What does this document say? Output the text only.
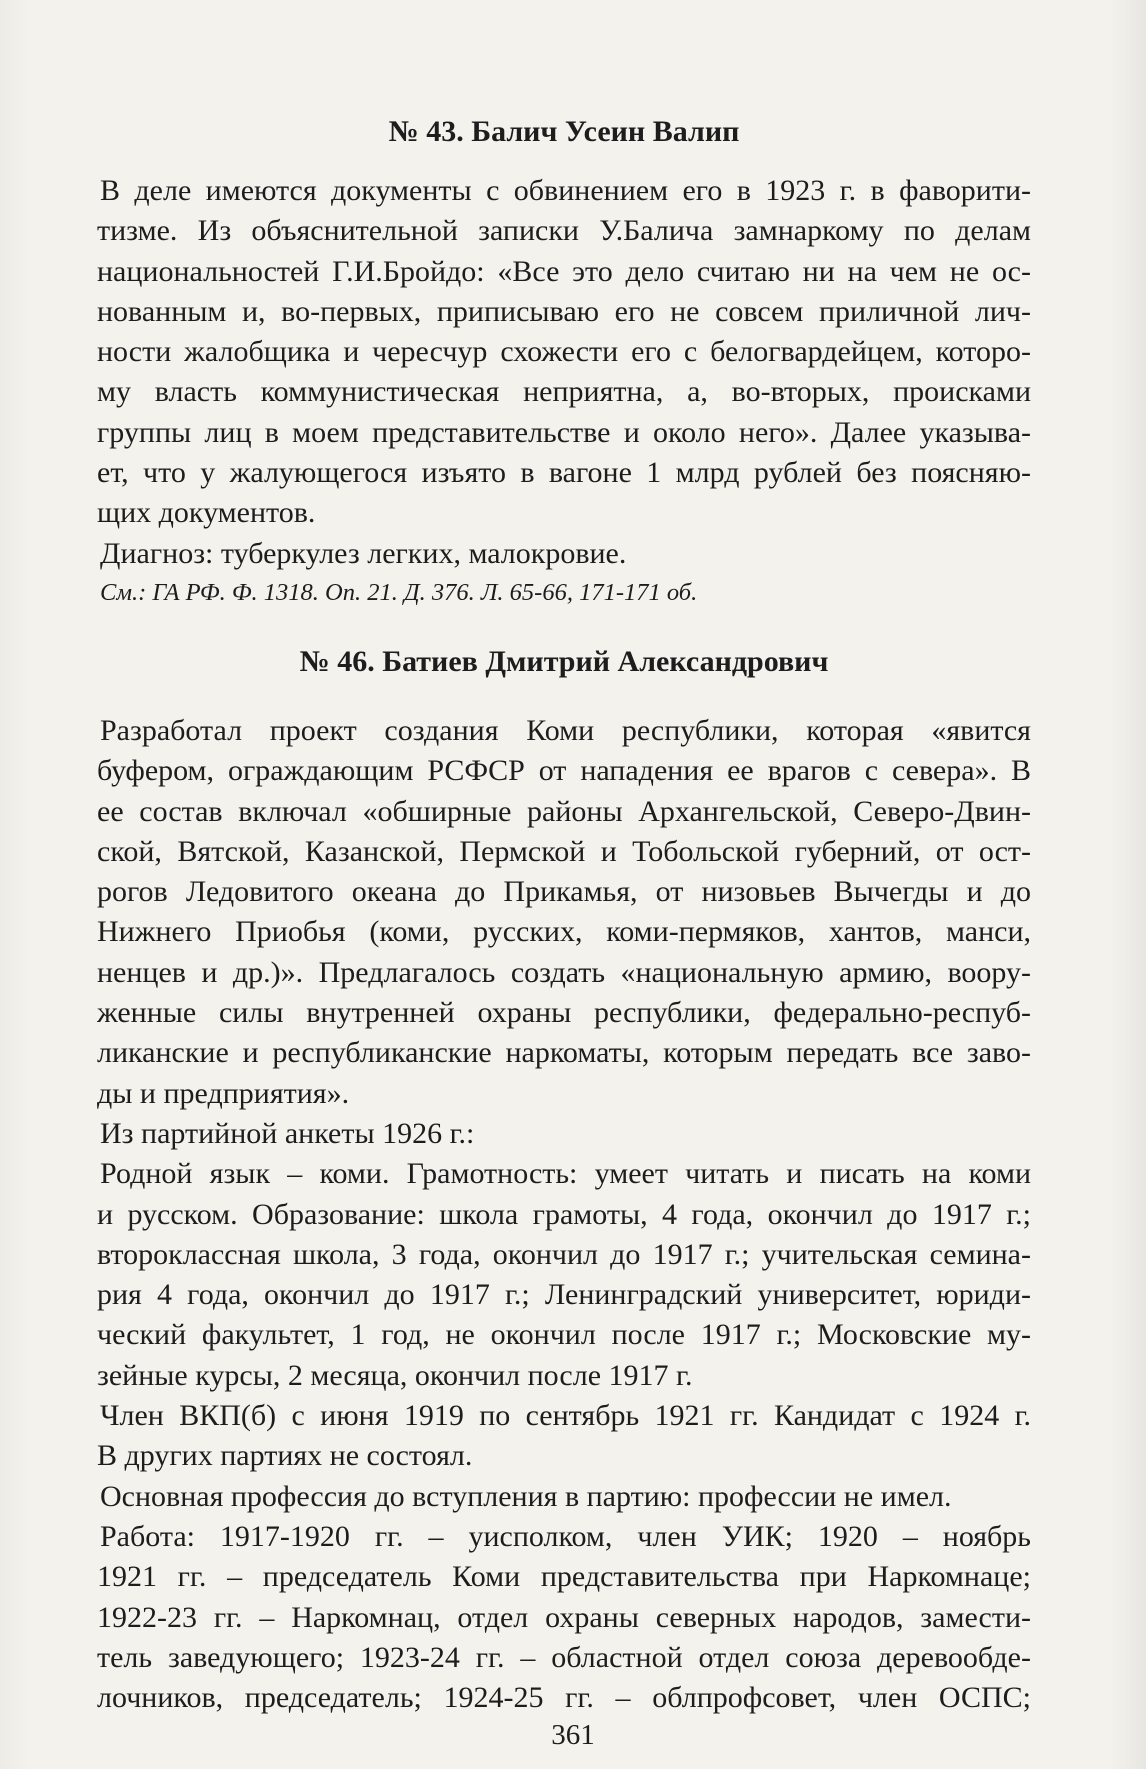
№ 43. Балич Усеин Валип
В деле имеются документы с обвинением его в 1923 г. в фаворити-
тизме. Из объяснительной записки У.Балича замнаркому по делам
национальностей Г.И.Бройдо: «Все это дело считаю ни на чем не ос-
нованным и, во-первых, приписываю его не совсем приличной лич-
ности жалобщика и чересчур схожести его с белогвардейцем, которо-
му власть коммунистическая неприятна, а, во-вторых, происками
группы лиц в моем представительстве и около него». Далее указыва-
ет, что у жалующегося изъято в вагоне 1 млрд рублей без поясняю-
щих документов.
Диагноз: туберкулез легких, малокровие.
См.: ГА РФ. Ф. 1318. Оп. 21. Д. 376. Л. 65-66, 171-171 об.
№ 46. Батиев Дмитрий Александрович
Разработал проект создания Коми республики, которая «явится
буфером, ограждающим РСФСР от нападения ее врагов с севера». В
ее состав включал «обширные районы Архангельской, Северо-Двин-
ской, Вятской, Казанской, Пермской и Тобольской губерний, от ост-
рогов Ледовитого океана до Прикамья, от низовьев Вычегды и до
Нижнего Приобья (коми, русских, коми-пермяков, хантов, манси,
ненцев и др.)». Предлагалось создать «национальную армию, воору-
женные силы внутренней охраны республики, федерально-респуб-
ликанские и республиканские наркоматы, которым передать все заво-
ды и предприятия».
Из партийной анкеты 1926 г.:
Родной язык – коми. Грамотность: умеет читать и писать на коми
и русском. Образование: школа грамоты, 4 года, окончил до 1917 г.;
второклассная школа, 3 года, окончил до 1917 г.; учительская семина-
рия 4 года, окончил до 1917 г.; Ленинградский университет, юриди-
ческий факультет, 1 год, не окончил после 1917 г.; Московские му-
зейные курсы, 2 месяца, окончил после 1917 г.
Член ВКП(б) с июня 1919 по сентябрь 1921 гг. Кандидат с 1924 г.
В других партиях не состоял.
Основная профессия до вступления в партию: профессии не имел.
Работа: 1917-1920 гг. – уисполком, член УИК; 1920 – ноябрь
1921 гг. – председатель Коми представительства при Наркомнаце;
1922-23 гг. – Наркомнац, отдел охраны северных народов, замести-
тель заведующего; 1923-24 гг. – областной отдел союза деревообде-
лочников, председатель; 1924-25 гг. – облпрофсовет, член ОСПС;
361
